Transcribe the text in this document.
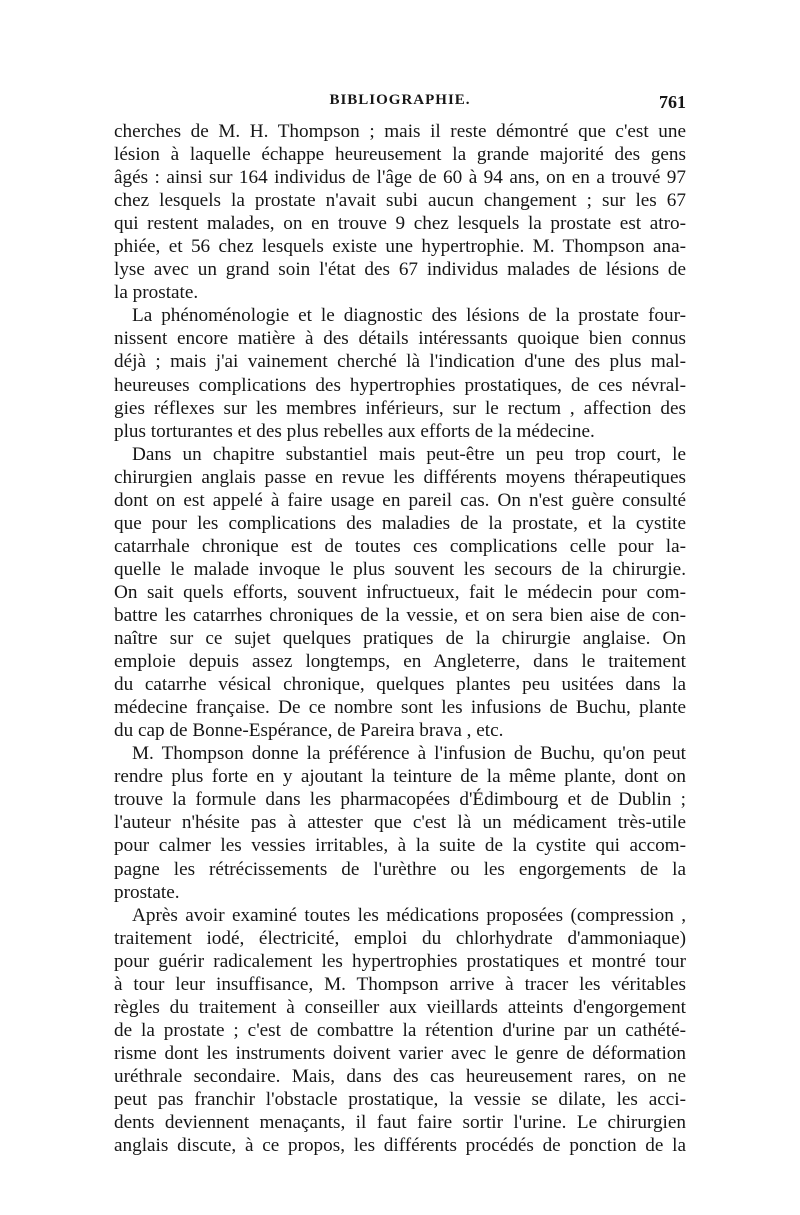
BIBLIOGRAPHIE.	761
cherches de M. H. Thompson ; mais il reste démontré que c'est une
lésion à laquelle échappe heureusement la grande majorité des gens
âgés : ainsi sur 164 individus de l'âge de 60 à 94 ans, on en a trouvé 97
chez lesquels la prostate n'avait subi aucun changement ; sur les 67
qui restent malades, on en trouve 9 chez lesquels la prostate est atro-
phiée, et 56 chez lesquels existe une hypertrophie. M. Thompson ana-
lyse avec un grand soin l'état des 67 individus malades de lésions de
la prostate.
La phénoménologie et le diagnostic des lésions de la prostate four-
nissent encore matière à des détails intéressants quoique bien connus
déjà ; mais j'ai vainement cherché là l'indication d'une des plus mal-
heureuses complications des hypertrophies prostatiques, de ces névral-
gies réflexes sur les membres inférieurs, sur le rectum , affection des
plus torturantes et des plus rebelles aux efforts de la médecine.
Dans un chapitre substantiel mais peut-être un peu trop court, le
chirurgien anglais passe en revue les différents moyens thérapeutiques
dont on est appelé à faire usage en pareil cas. On n'est guère consulté
que pour les complications des maladies de la prostate, et la cystite
catarrhale chronique est de toutes ces complications celle pour la-
quelle le malade invoque le plus souvent les secours de la chirurgie.
On sait quels efforts, souvent infructueux, fait le médecin pour com-
battre les catarrhes chroniques de la vessie, et on sera bien aise de con-
naître sur ce sujet quelques pratiques de la chirurgie anglaise. On
emploie depuis assez longtemps, en Angleterre, dans le traitement
du catarrhe vésical chronique, quelques plantes peu usitées dans la
médecine française. De ce nombre sont les infusions de Buchu, plante
du cap de Bonne-Espérance, de Pareira brava , etc.
M. Thompson donne la préférence à l'infusion de Buchu, qu'on peut
rendre plus forte en y ajoutant la teinture de la même plante, dont on
trouve la formule dans les pharmacopées d'Édimbourg et de Dublin ;
l'auteur n'hésite pas à attester que c'est là un médicament très-utile
pour calmer les vessies irritables, à la suite de la cystite qui accom-
pagne les rétrécissements de l'urèthre ou les engorgements de la
prostate.
Après avoir examiné toutes les médications proposées (compression ,
traitement iodé, électricité, emploi du chlorhydrate d'ammoniaque)
pour guérir radicalement les hypertrophies prostatiques et montré tour
à tour leur insuffisance, M. Thompson arrive à tracer les véritables
règles du traitement à conseiller aux vieillards atteints d'engorgement
de la prostate ; c'est de combattre la rétention d'urine par un cathété-
risme dont les instruments doivent varier avec le genre de déformation
uréthrale secondaire. Mais, dans des cas heureusement rares, on ne
peut pas franchir l'obstacle prostatique, la vessie se dilate, les acci-
dents deviennent menaçants, il faut faire sortir l'urine. Le chirurgien
anglais discute, à ce propos, les différents procédés de ponction de la
